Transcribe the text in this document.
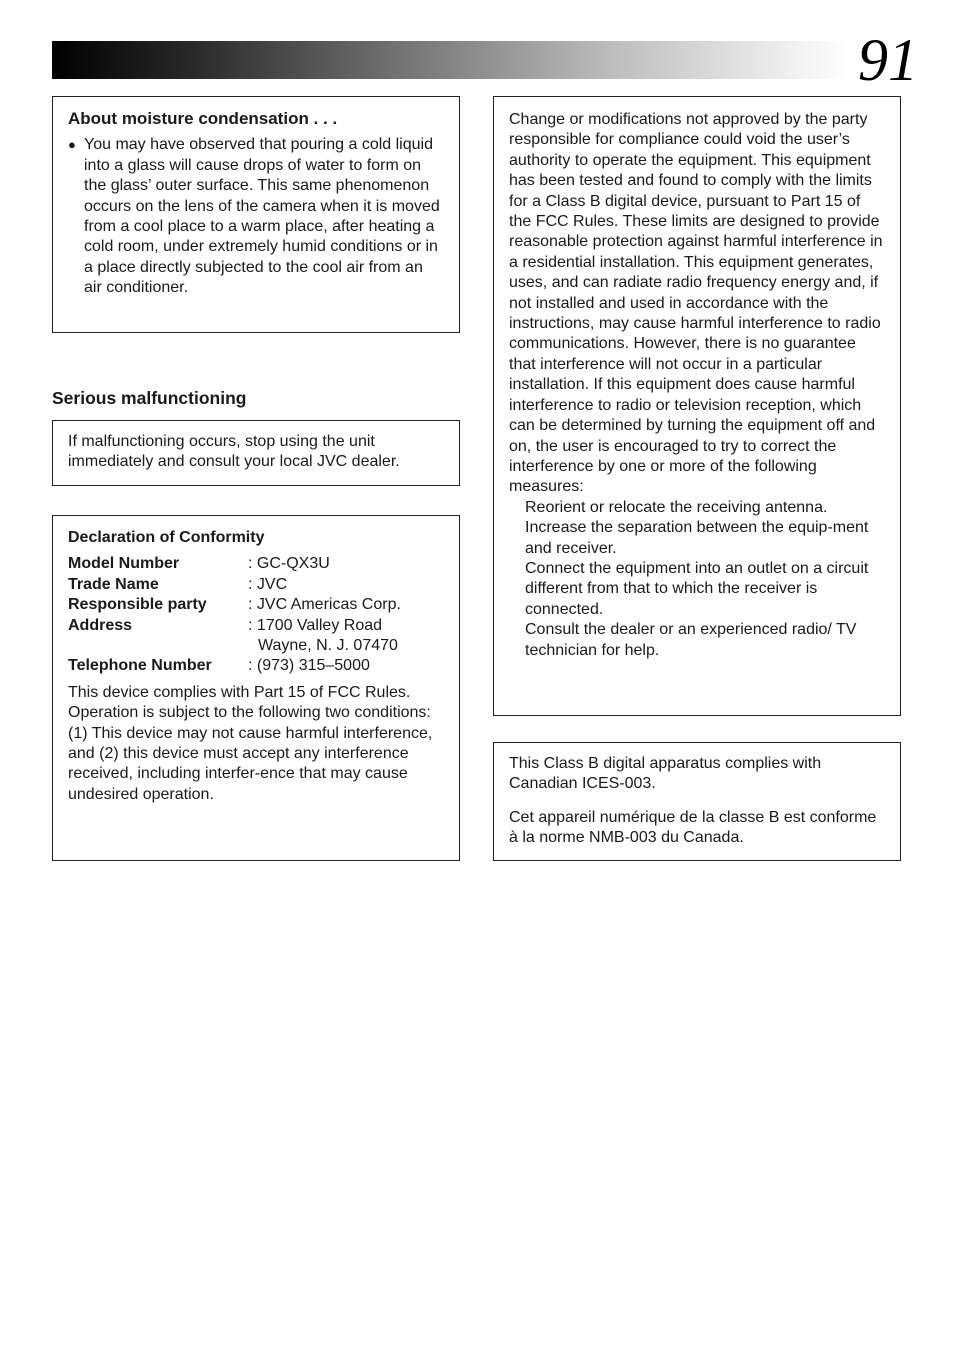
91
About moisture condensation . . .
● You may have observed that pouring a cold liquid into a glass will cause drops of water to form on the glass’ outer surface. This same phenomenon occurs on the lens of the camera when it is moved from a cool place to a warm place, after heating a cold room, under extremely humid conditions or in a place directly subjected to the cool air from an air conditioner.
Serious malfunctioning

If malfunctioning occurs, stop using the unit immediately and consult your local JVC dealer.

Declaration of Conformity
Model Number	: GC-QX3U
Trade Name	: JVC
Responsible party	: JVC Americas Corp.
Address	: 1700 Valley Road
Wayne, N. J. 07470
Telephone Number	: (973) 315–5000

This device complies with Part 15 of FCC Rules. Operation is subject to the following two conditions:

(1) This device may not cause harmful interference, and (2) this device must accept any interference received, including interfer-ence that may cause undesired operation.

Change or modifications not approved by the party responsible for compliance could void the user’s authority to operate the equipment. This equipment has been tested and found to comply with the limits for a Class B digital device, pursuant to Part 15 of the FCC Rules. These limits are designed to provide reasonable protection against harmful interference in a residential installation. This equipment generates, uses, and can radiate radio frequency energy and, if not installed and used in accordance with the instructions, may cause harmful interference to radio communications. However, there is no guarantee that interference will not occur in a particular installation. If this equipment does cause harmful interference to radio or television reception, which can be determined by turning the equipment off and on, the user is encouraged to try to correct the interference by one or more of the following measures:

Reorient or relocate the receiving antenna.
Increase the separation between the equip-ment and receiver.
Connect the equipment into an outlet on a circuit different from that to which the receiver is connected.
Consult the dealer or an experienced radio/ TV technician for help.

This Class B digital apparatus complies with Canadian ICES-003.

Cet appareil numérique de la classe B est conforme à la norme NMB-003 du Canada.
